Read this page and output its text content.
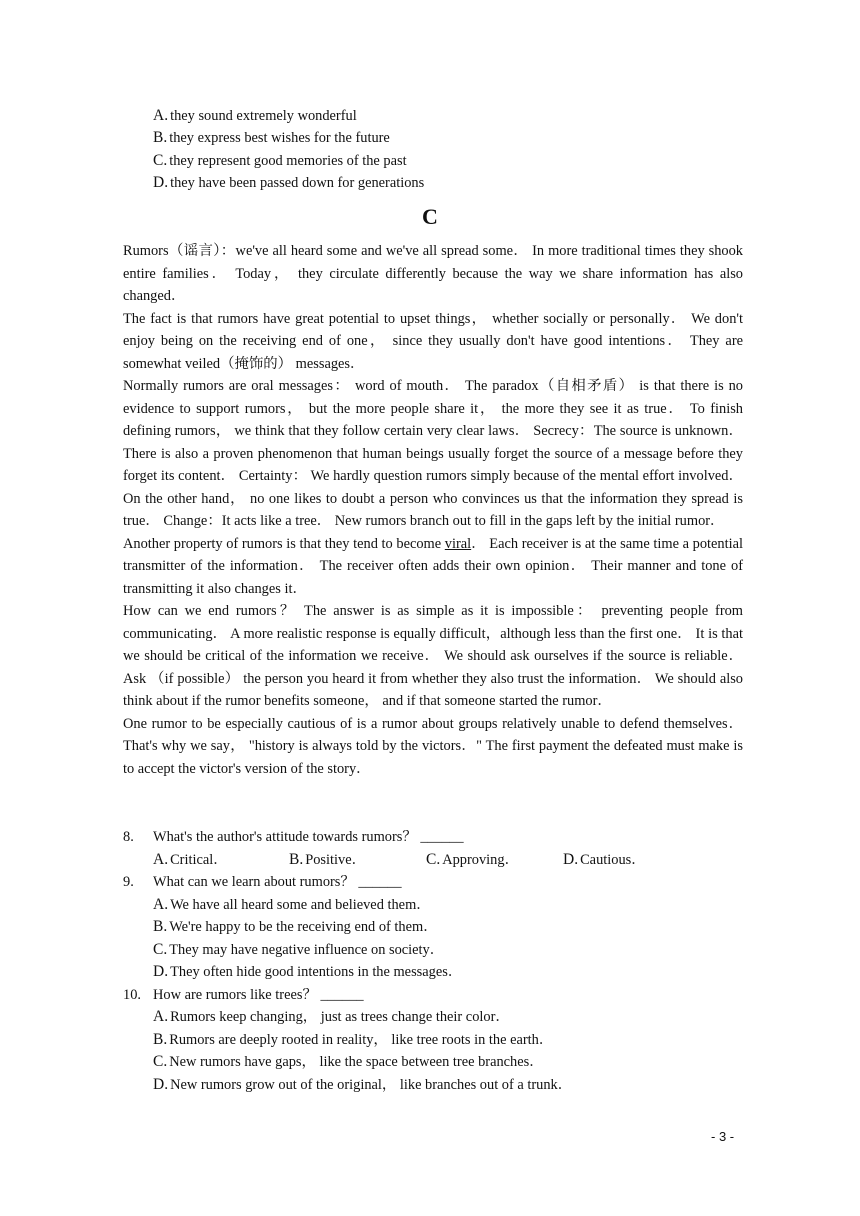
A. they sound extremely wonderful
B. they express best wishes for the future
C. they represent good memories of the past
D. they have been passed down for generations
C

Rumors（谣言）：we've all heard some and we've all spread some． In more traditional times they shook entire families． Today， they circulate differently because the way we share information has also changed．

The fact is that rumors have great potential to upset things， whether socially or personally． We don't enjoy being on the receiving end of one， since they usually don't have good intentions． They are somewhat veiled（掩饰的） messages．

Normally rumors are oral messages： word of mouth． The paradox（自相矛盾） is that there is no evidence to support rumors， but the more people share it， the more they see it as true． To finish defining rumors， we think that they follow certain very clear laws． Secrecy：The source is unknown． There is also a proven phenomenon that human beings usually forget the source of a message before they forget its content． Certainty： We hardly question rumors simply because of the mental effort involved． On the other hand， no one likes to doubt a person who convinces us that the information they spread is true． Change：It acts like a tree． New rumors branch out to fill in the gaps left by the initial rumor．

Another property of rumors is that they tend to become viral． Each receiver is at the same time a potential transmitter of the information． The receiver often adds their own opinion． Their manner and tone of transmitting it also changes it．

How can we end rumors？ The answer is as simple as it is impossible： preventing people from communicating． A more realistic response is equally difficult，although less than the first one． It is that we should be critical of the information we receive． We should ask ourselves if the source is reliable． Ask （if possible） the person you heard it from whether they also trust the information． We should also think about if the rumor benefits someone， and if that someone started the rumor．

One rumor to be especially cautious of is a rumor about groups relatively unable to defend themselves． That's why we say， "history is always told by the victors．" The first payment the defeated must make is to accept the victor's version of the story．

8. What's the author's attitude towards rumors？ ______
A. Critical．	B. Positive．	C. Approving．	D. Cautious．
9. What can we learn about rumors？ ______
A. We have all heard some and believed them．
B. We're happy to be the receiving end of them．
C. They may have negative influence on society．
D. They often hide good intentions in the messages．
10. How are rumors like trees？ ______
A. Rumors keep changing， just as trees change their color．
B. Rumors are deeply rooted in reality， like tree roots in the earth．
C. New rumors have gaps， like the space between tree branches．
D. New rumors grow out of the original， like branches out of a trunk．
- 3 -
